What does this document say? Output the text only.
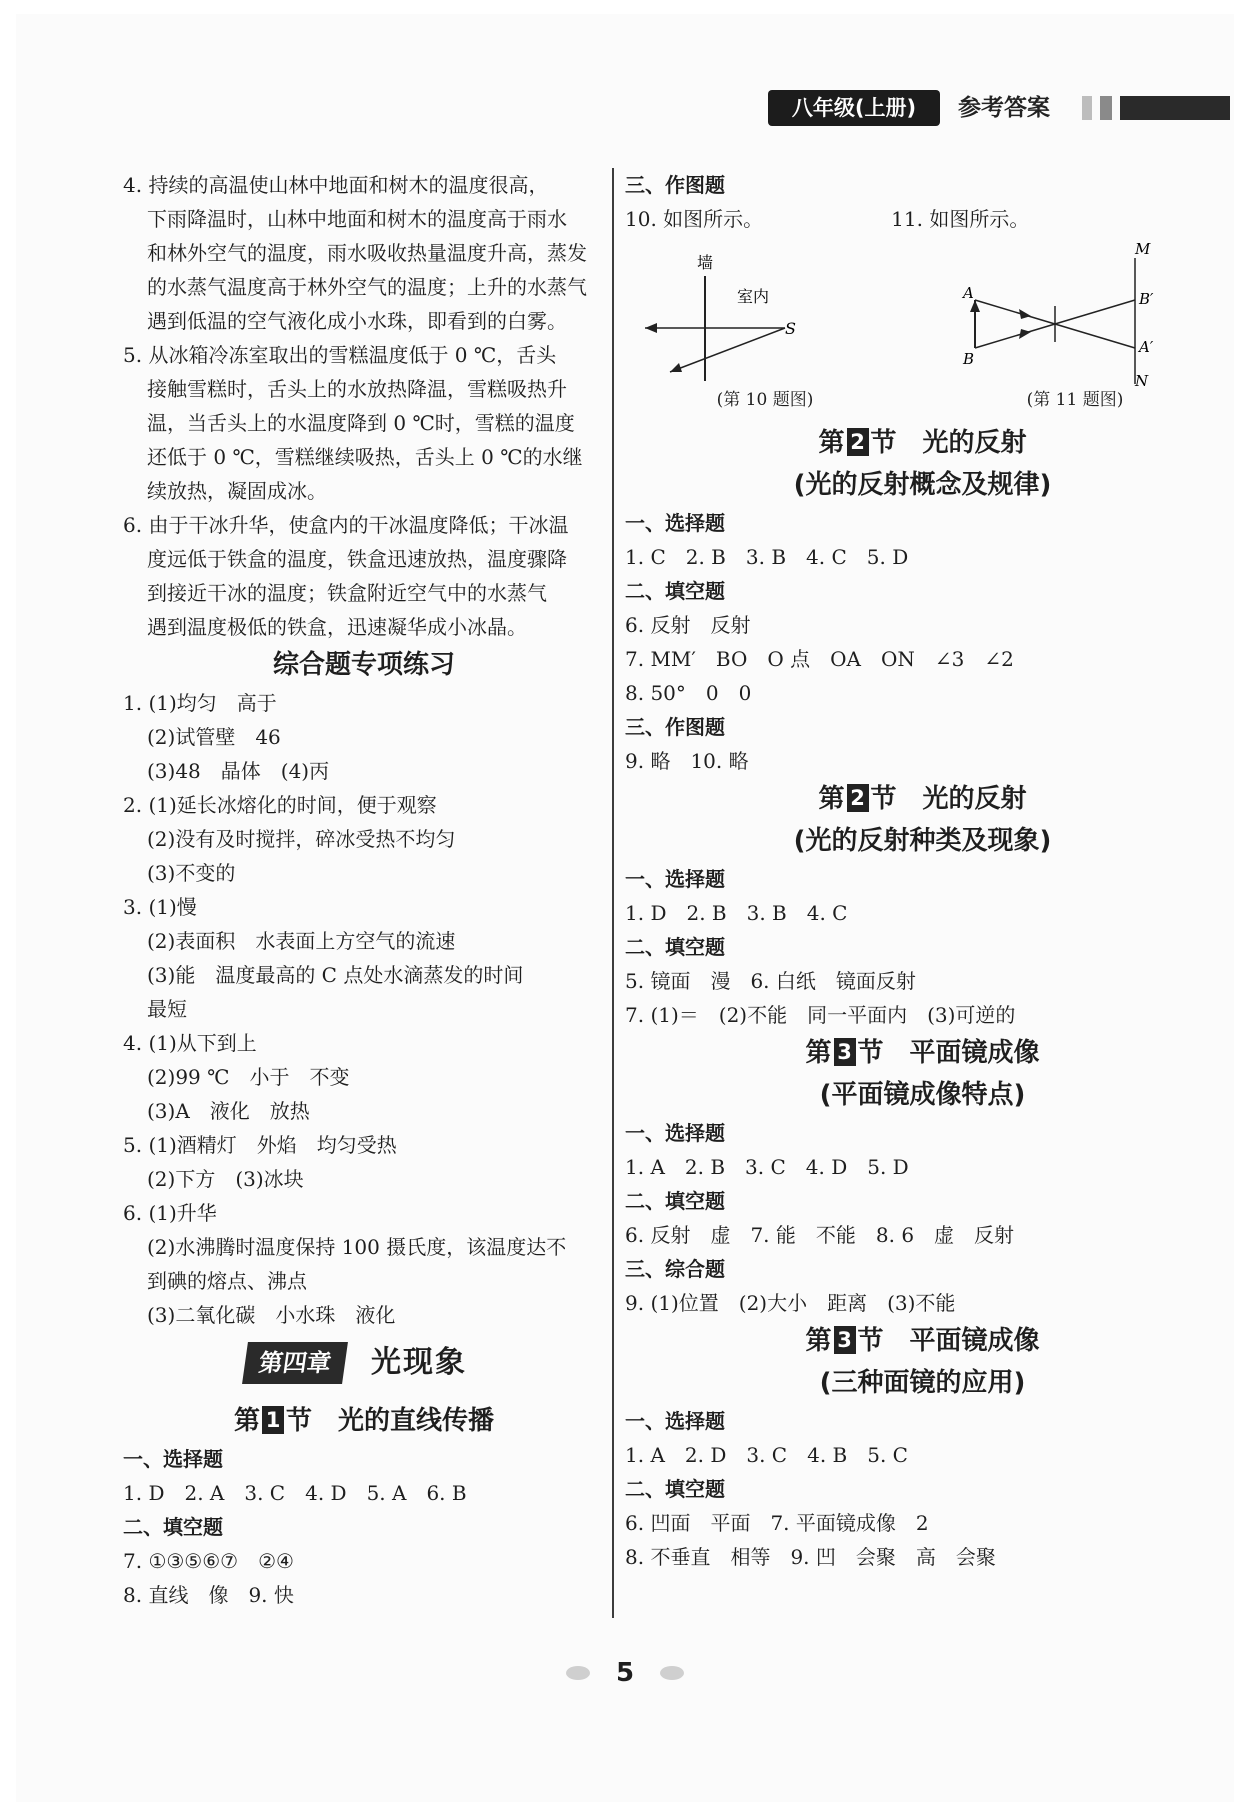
八年级(上册)	参考答案
4. 持续的高温使山林中地面和树木的温度很高，
下雨降温时，山林中地面和树木的温度高于雨水
和林外空气的温度，雨水吸收热量温度升高，蒸发
的水蒸气温度高于林外空气的温度；上升的水蒸气
遇到低温的空气液化成小水珠，即看到的白雾。
5. 从冰箱冷冻室取出的雪糕温度低于 0 ℃，舌头
接触雪糕时，舌头上的水放热降温，雪糕吸热升
温，当舌头上的水温度降到 0 ℃时，雪糕的温度
还低于 0 ℃，雪糕继续吸热，舌头上 0 ℃的水继
续放热，凝固成冰。
6. 由于干冰升华，使盒内的干冰温度降低；干冰温
度远低于铁盒的温度，铁盒迅速放热，温度骤降
到接近干冰的温度；铁盒附近空气中的水蒸气
遇到温度极低的铁盒，迅速凝华成小冰晶。
综合题专项练习
1. (1)均匀　高于
(2)试管壁　46
(3)48　晶体　(4)丙
2. (1)延长冰熔化的时间，便于观察
(2)没有及时搅拌，碎冰受热不均匀
(3)不变的
3. (1)慢
(2)表面积　水表面上方空气的流速
(3)能　温度最高的 C 点处水滴蒸发的时间
最短
4. (1)从下到上
(2)99 ℃　小于　不变
(3)A　液化　放热
5. (1)酒精灯　外焰　均匀受热
(2)下方　(3)冰块
6. (1)升华
(2)水沸腾时温度保持 100 摄氏度，该温度达不
到碘的熔点、沸点
(3)二氧化碳　小水珠　液化
第四章	光现象
第 1 节　光的直线传播
一、选择题
1. D　2. A　3. C　4. D　5. A　6. B
二、填空题
7. ①③⑤⑥⑦　②④
8. 直线　像　9. 快
三、作图题
10. 如图所示。	11. 如图所示。
墙
室内
S
(第 10 题图)
M
N
A
B
B′
A′
(第 11 题图)
第 2 节　光的反射
(光的反射概念及规律)
一、选择题
1. C　2. B　3. B　4. C　5. D
二、填空题
6. 反射　反射
7. MM′　BO　O 点　OA　ON　∠3　∠2
8. 50°　0　0
三、作图题
9. 略　10. 略
第 2 节　光的反射
(光的反射种类及现象)
一、选择题
1. D　2. B　3. B　4. C
二、填空题
5. 镜面　漫　6. 白纸　镜面反射
7. (1)＝　(2)不能　同一平面内　(3)可逆的
第 3 节　平面镜成像
(平面镜成像特点)
一、选择题
1. A　2. B　3. C　4. D　5. D
二、填空题
6. 反射　虚　7. 能　不能　8. 6　虚　反射
三、综合题
9. (1)位置　(2)大小　距离　(3)不能
第 3 节　平面镜成像
(三种面镜的应用)
一、选择题
1. A　2. D　3. C　4. B　5. C
二、填空题
6. 凹面　平面　7. 平面镜成像　2
8. 不垂直　相等　9. 凹　会聚　高　会聚
5
